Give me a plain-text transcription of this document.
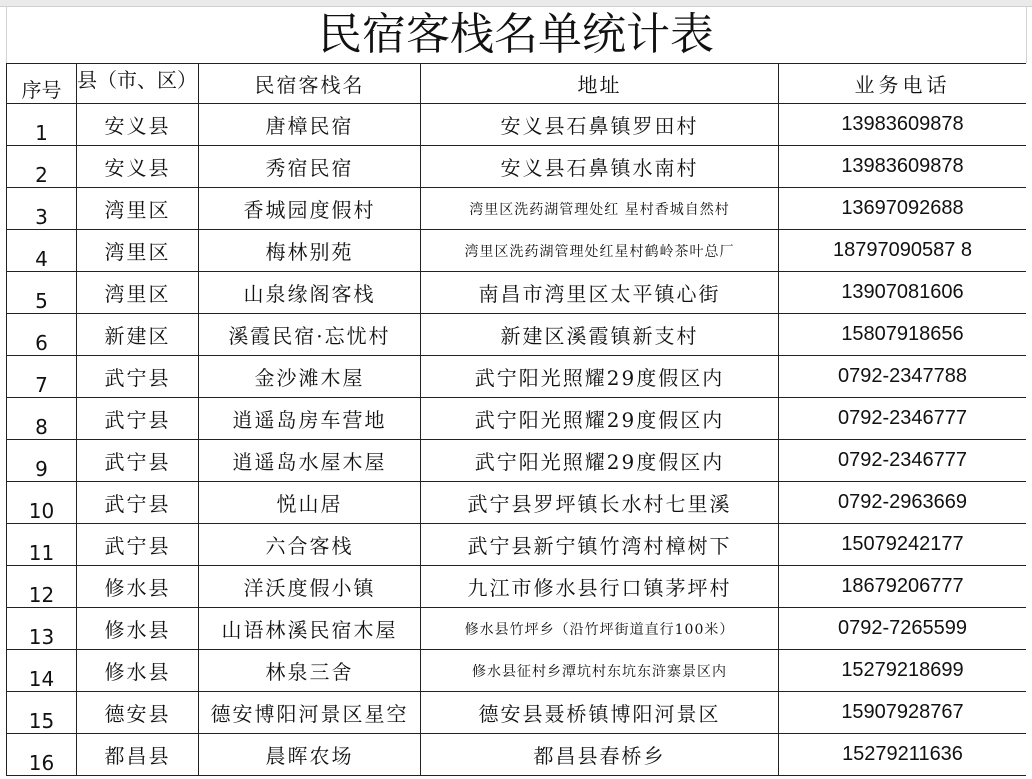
民宿客栈名单统计表
序号	县（市、区）	民宿客栈名	地址	业务电话
1	安义县	唐樟民宿	安义县石鼻镇罗田村	13983609878
2	安义县	秀宿民宿	安义县石鼻镇水南村	13983609878
3	湾里区	香城园度假村	湾里区洗药湖管理处红 星村香城自然村	13697092688
4	湾里区	梅林别苑	湾里区洗药湖管理处红星村鹤岭茶叶总厂	18797090587 8
5	湾里区	山泉缘阁客栈	南昌市湾里区太平镇心街	13907081606
6	新建区	溪霞民宿·忘忧村	新建区溪霞镇新支村	15807918656
7	武宁县	金沙滩木屋	武宁阳光照耀29度假区内	0792-2347788
8	武宁县	逍遥岛房车营地	武宁阳光照耀29度假区内	0792-2346777
9	武宁县	逍遥岛水屋木屋	武宁阳光照耀29度假区内	0792-2346777
10	武宁县	悦山居	武宁县罗坪镇长水村七里溪	0792-2963669
11	武宁县	六合客栈	武宁县新宁镇竹湾村樟树下	15079242177
12	修水县	洋沃度假小镇	九江市修水县行口镇茅坪村	18679206777
13	修水县	山语林溪民宿木屋	修水县竹坪乡（沿竹坪街道直行100米）	0792-7265599
14	修水县	林泉三舍	修水县征村乡潭坑村东坑东浒寨景区内	15279218699
15	德安县	德安博阳河景区星空	德安县聂桥镇博阳河景区	15907928767
16	都昌县	晨晖农场	都昌县春桥乡	15279211636
